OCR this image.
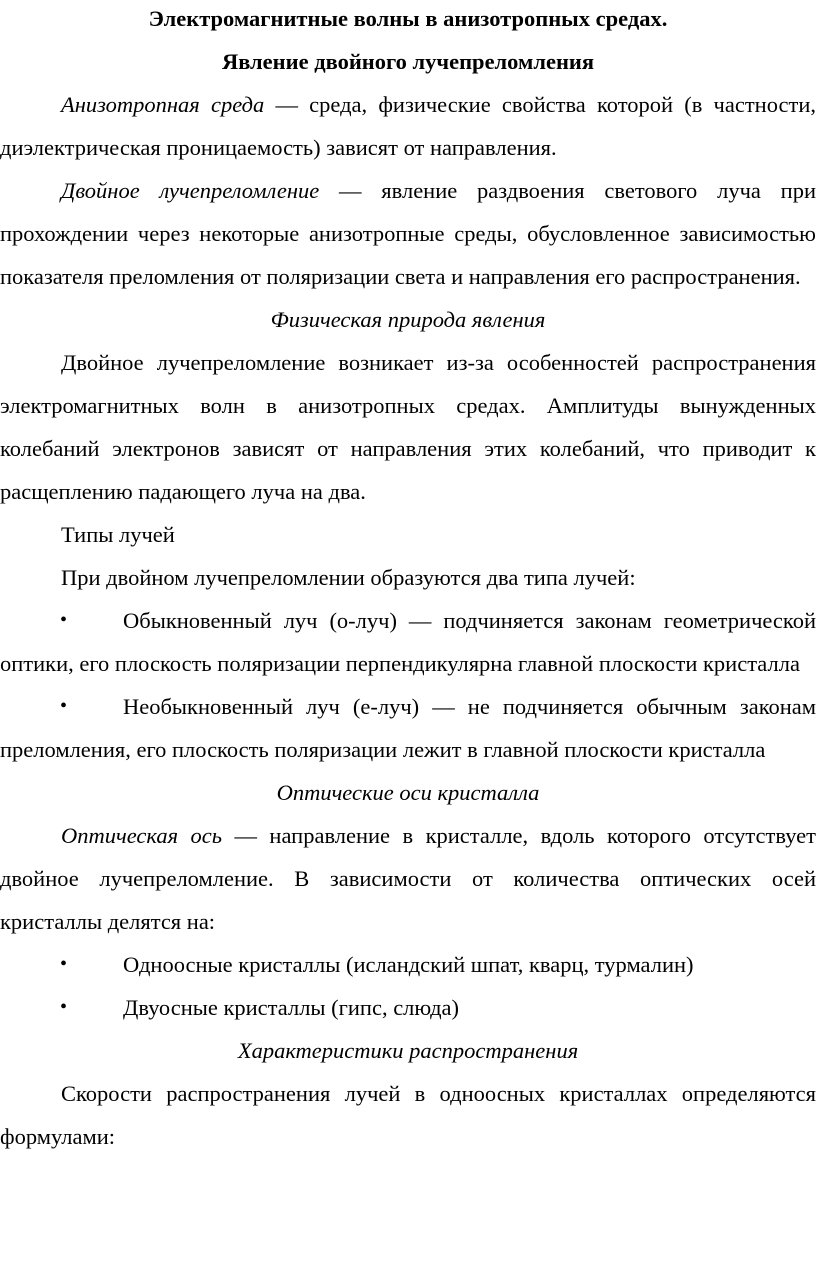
Электромагнитные волны в анизотропных средах.

Явление двойного лучепреломления

Анизотропная среда — среда, физические свойства которой (в частности, диэлектрическая проницаемость) зависят от направления.

Двойное лучепреломление — явление раздвоения светового луча при прохождении через некоторые анизотропные среды, обусловленное зависимостью показателя преломления от поляризации света и направления его распространения.

Физическая природа явления

Двойное лучепреломление возникает из-за особенностей распространения электромагнитных волн в анизотропных средах. Амплитуды вынужденных колебаний электронов зависят от направления этих колебаний, что приводит к расщеплению падающего луча на два.

Типы лучей

При двойном лучепреломлении образуются два типа лучей:

• Обыкновенный луч (о-луч) — подчиняется законам геометрической оптики, его плоскость поляризации перпендикулярна главной плоскости кристалла

• Необыкновенный луч (е-луч) — не подчиняется обычным законам преломления, его плоскость поляризации лежит в главной плоскости кристалла

Оптические оси кристалла

Оптическая ось — направление в кристалле, вдоль которого отсутствует двойное лучепреломление. В зависимости от количества оптических осей кристаллы делятся на:

• Одноосные кристаллы (исландский шпат, кварц, турмалин)

• Двуосные кристаллы (гипс, слюда)

Характеристики распространения

Скорости распространения лучей в одноосных кристаллах определяются формулами:
